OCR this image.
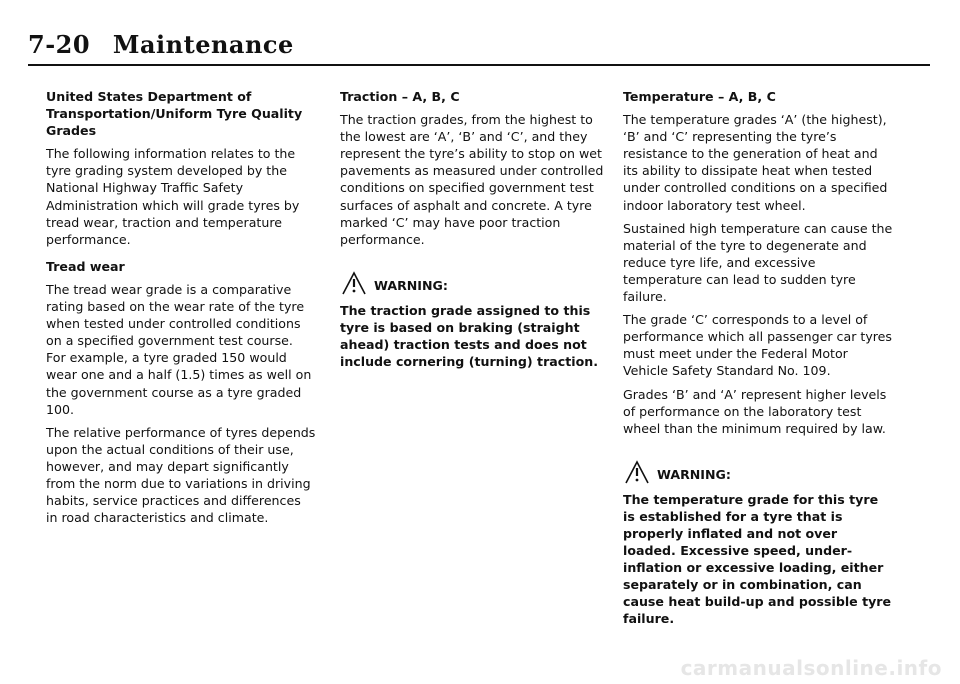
7-20 Maintenance
United States Department of Transportation/Uniform Tyre Quality Grades
The following information relates to the tyre grading system developed by the National Highway Traffic Safety Administration which will grade tyres by tread wear, traction and temperature performance.
Tread wear
The tread wear grade is a comparative rating based on the wear rate of the tyre when tested under controlled conditions on a specified government test course. For example, a tyre graded 150 would wear one and a half (1.5) times as well on the government course as a tyre graded 100.
The relative performance of tyres depends upon the actual conditions of their use, however, and may depart significantly from the norm due to variations in driving habits, service practices and differences in road characteristics and climate.
Traction – A, B, C
The traction grades, from the highest to the lowest are ‘A’, ‘B’ and ‘C’, and they represent the tyre’s ability to stop on wet pavements as measured under controlled conditions on specified government test surfaces of asphalt and concrete. A tyre marked ‘C’ may have poor traction performance.
WARNING:
The traction grade assigned to this tyre is based on braking (straight ahead) traction tests and does not include cornering (turning) traction.
Temperature – A, B, C
The temperature grades ‘A’ (the highest), ‘B’ and ‘C’ representing the tyre’s resistance to the generation of heat and its ability to dissipate heat when tested under controlled conditions on a specified indoor laboratory test wheel.
Sustained high temperature can cause the material of the tyre to degenerate and reduce tyre life, and excessive temperature can lead to sudden tyre failure.
The grade ‘C’ corresponds to a level of performance which all passenger car tyres must meet under the Federal Motor Vehicle Safety Standard No. 109.
Grades ‘B’ and ‘A’ represent higher levels of performance on the laboratory test wheel than the minimum required by law.
WARNING:
The temperature grade for this tyre is established for a tyre that is properly inflated and not over loaded. Excessive speed, under-inflation or excessive loading, either separately or in combination, can cause heat build-up and possible tyre failure.
carmanualsonline.info
